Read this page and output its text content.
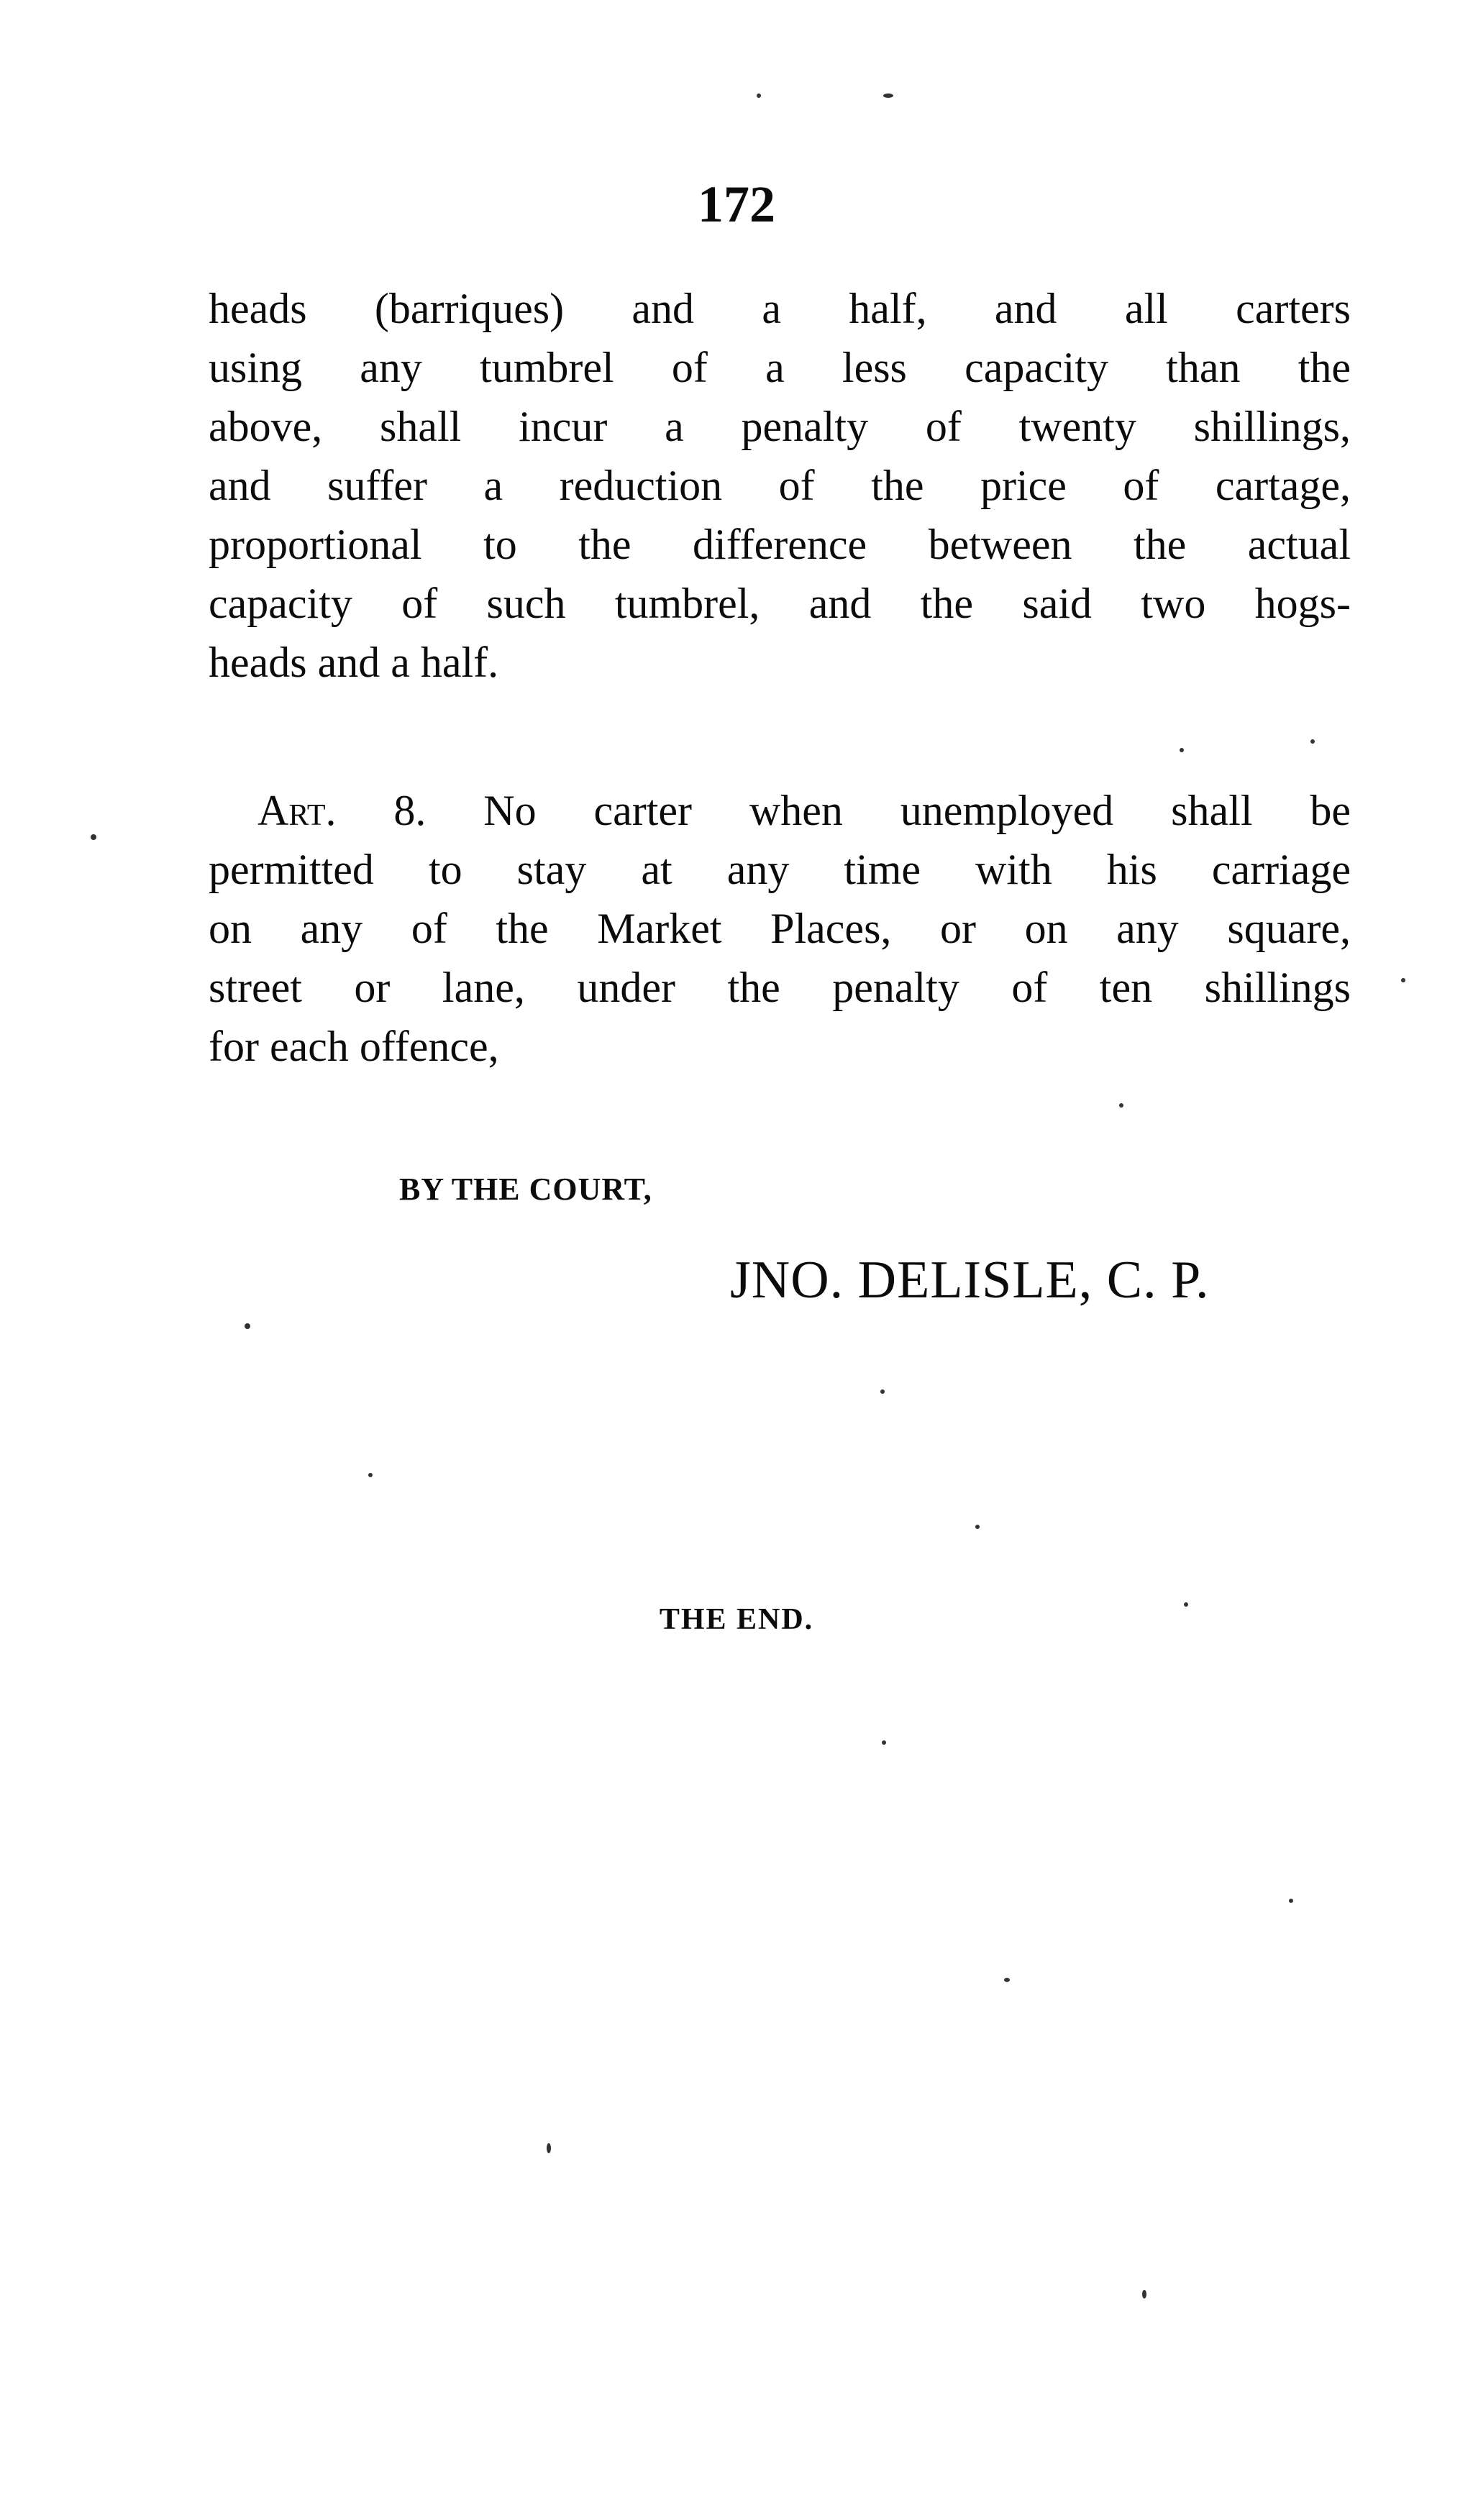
172
heads (barriques) and a half, and all carters
using any tumbrel of a less capacity than the
above, shall incur a penalty of twenty shillings,
and suffer a reduction of the price of cartage,
proportional to the difference between the actual
capacity of such tumbrel, and the said two hogs-
heads and a half.
Art. 8. No carter when unemployed shall be
permitted to stay at any time with his carriage
on any of the Market Places, or on any square,
street or lane, under the penalty of ten shillings
for each offence,
BY THE COURT,
JNO. DELISLE, C. P.
THE END.
